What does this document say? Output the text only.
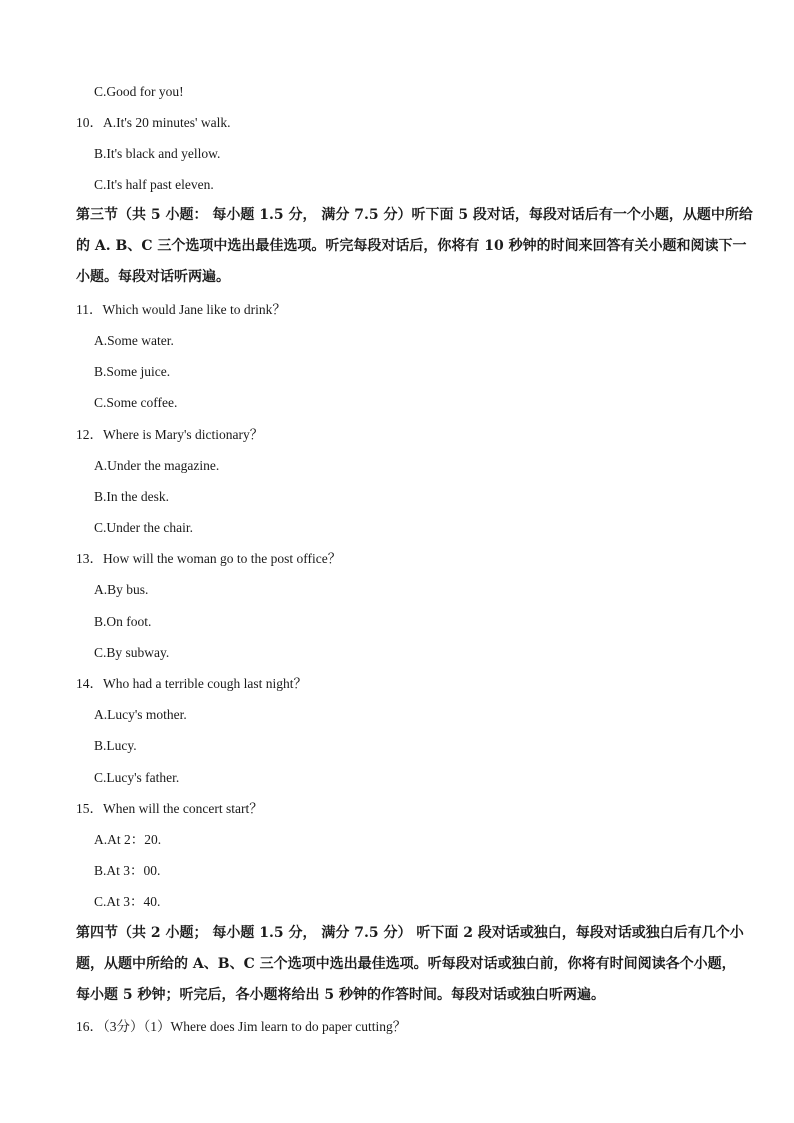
C.Good for you!
10．A.It's 20 minutes' walk.
B.It's black and yellow.
C.It's half past eleven.
第三节（共 5 小题： 每小题 1.5 分， 满分 7.5 分）听下面 5 段对话，每段对话后有一个小题，从题中所给
的 A. B、C 三个选项中选出最佳选项。听完每段对话后，你将有 10 秒钟的时间来回答有关小题和阅读下一
小题。每段对话听两遍。
11．Which would Jane like to drink？
A.Some water.
B.Some juice.
C.Some coffee.
12．Where is Mary's dictionary？
A.Under the magazine.
B.In the desk.
C.Under the chair.
13．How will the woman go to the post office？
A.By bus.
B.On foot.
C.By subway.
14．Who had a terrible cough last night？
A.Lucy's mother.
B.Lucy.
C.Lucy's father.
15．When will the concert start？
A.At 2：20.
B.At 3：00.
C.At 3：40.
第四节（共 2 小题； 每小题 1.5 分， 满分 7.5 分） 听下面 2 段对话或独白，每段对话或独白后有几个小
题，从题中所给的 A、B、C 三个选项中选出最佳选项。听每段对话或独白前，你将有时间阅读各个小题，
每小题 5 秒钟；听完后，各小题将给出 5 秒钟的作答时间。每段对话或独白听两遍。
16．（3分）（1）Where does Jim learn to do paper cutting？
